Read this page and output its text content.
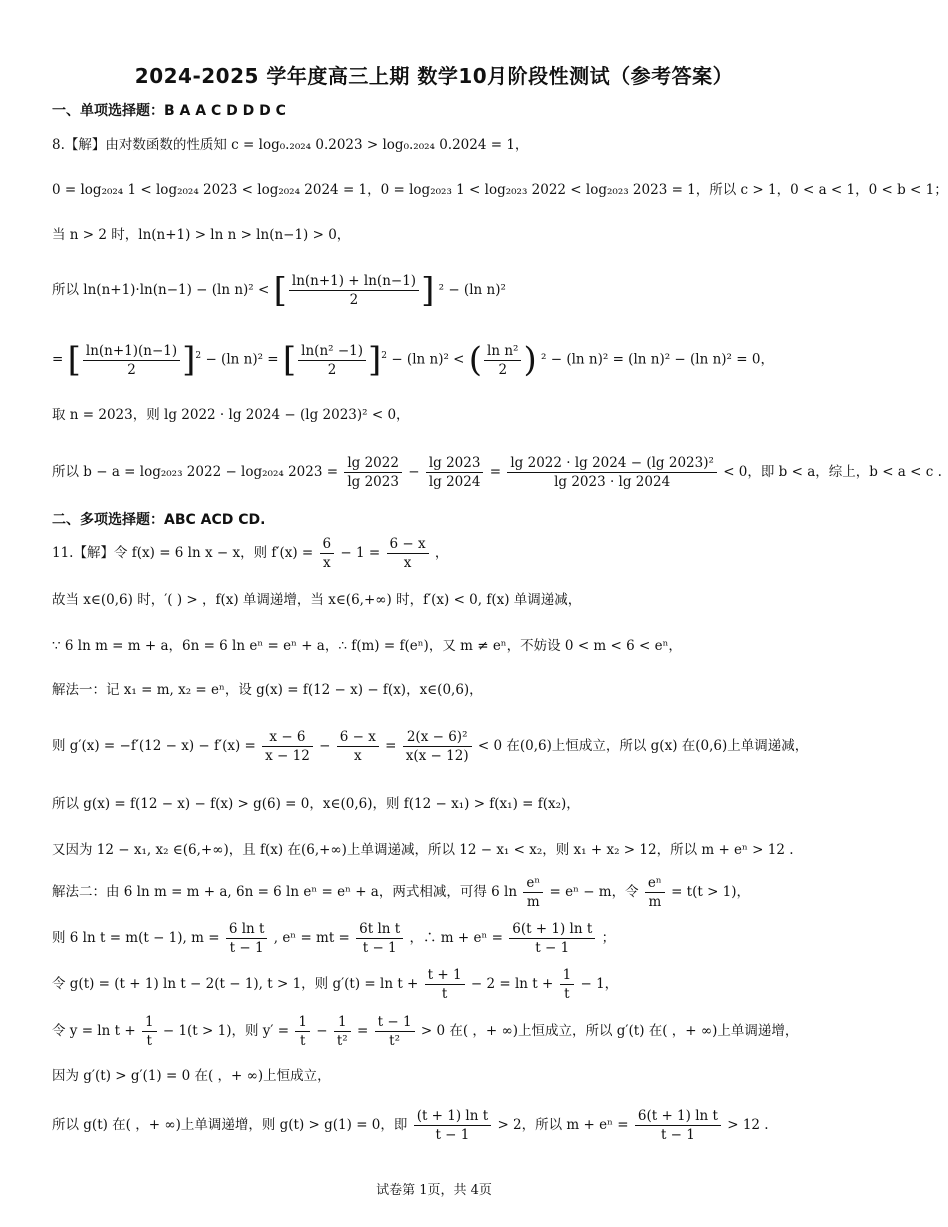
2024-2025 学年度高三上期 数学10月阶段性测试（参考答案）
一、单项选择题：B A A C D D D C
8.【解】由对数函数的性质知 c = log₀.₂₀₂₄ 0.2023 > log₀.₂₀₂₄ 0.2024 = 1，
0 = log₂₀₂₄ 1 < log₂₀₂₄ 2023 < log₂₀₂₄ 2024 = 1，0 = log₂₀₂₃ 1 < log₂₀₂₃ 2022 < log₂₀₂₃ 2023 = 1，所以 c > 1，0 < a < 1，0 < b < 1；
当 n > 2 时，ln(n+1) > ln n > ln(n−1) > 0，
所以 ln(n+1)·ln(n−1) − (ln n)² < [ $\frac{\ln(n+1) + \ln(n-1)}{2}$ ] ² − (ln n)²
= [ $\frac{\ln(n+1)(n-1)}{2} ]^2 - (\ln$ n)² = [ $\frac{\text{ln(n² −1)}}{2} ]^2 - (\ln$ n)² < ( $\frac{\text{ln n²}}{2}$ ) ² − (ln n)² = (ln n)² − (ln n)² = 0，
取 n = 2023，则 lg 2022 · lg 2024 − (lg 2023)² < 0，
所以 b − a = log₂₀₂₃ 2022 − log₂₀₂₄ $2023 = \frac{\lg 2022}{\lg 2023} - \frac{\lg 2023}{\lg 2024} = \frac{\text{lg 2022 · lg 2024 − (lg 2023)²}}{\lg 2023 \cdot \lg 2024} < 0$，即 b < a，综上，b < a < c .
二、多项选择题：ABC ACD CD.
11.【解】令 f(x) = 6 ln x − x，则 $f'(x) = \frac{6}{x} - 1 = \frac{6 - x}{x}$ ，
故当 x∈(0,6) 时，′( ) > ，f(x) 单调递增，当 x∈(6,+∞) 时，f′(x) < 0, f(x) 单调递减，
∵ 6 ln m = m + a，6n = 6 ln eⁿ = eⁿ + a，∴ f(m) = f(eⁿ)，又 m ≠ eⁿ，不妨设 0 < m < 6 < eⁿ，
解法一：记 x₁ = m, x₂ = eⁿ，设 g(x) = f(12 − x) − f(x)，x∈(0,6)，
则 $g'(x) = -f'(12 - x) - f'(x) = \frac{x - 6}{x - 12} - \frac{6 - x}{x} = \frac{\text{2(x − 6)²}}{x(x - 12)} < 0$ 在(0,6)上恒成立，所以 g(x) 在(0,6)上单调递减，
所以 g(x) = f(12 − x) − f(x) > g(6) = 0，x∈(0,6)，则 f(12 − x₁) > f(x₁) = f(x₂)，
又因为 12 − x₁, x₂ ∈(6,+∞)，且 f(x) 在(6,+∞)上单调递减，所以 12 − x₁ < x₂，则 x₁ + x₂ > 12，所以 m + eⁿ > 12 .
解法二：由 6 ln m = m + a, 6n = 6 ln eⁿ = eⁿ + a，两式相减，可得 6 $\ln \frac{\text{eⁿ}}{m} = e^n - m$，令 $\frac{\text{eⁿ}}{m} = t(t > 1)$，
则 6 ln t = m(t − 1), $m = \frac{\text{6 ln t}}{t - 1}$ , eⁿ = mt = $\frac{\text{6t ln t}}{t - 1}$ ，∴ $m + e^n = \frac{\text{6(t + 1) ln t}}{t - 1}$ ；
令 g(t) = (t + 1) ln t − 2(t − 1), t > 1，则 $g'(t) = \ln t + \frac{t + 1}{t} - 2 = \ln t + \frac{1}{t} - 1$，
令 $y = \ln t + \frac{1}{t} - 1(t > 1)$，则 $y' = \frac{1}{t} - \frac{1}{\text{t²}} = \frac{t - 1}{\text{t²}} > 0$ 在( ，+ ∞)上恒成立，所以 g′(t) 在( ，+ ∞)上单调递增，
因为 g′(t) > g′(1) = 0 在( ，+ ∞)上恒成立，
所以 g(t) 在( ，+ ∞)上单调递增，则 g(t) > g(1) = 0，即 $\frac{\text{(t + 1) ln t}}{t - 1} > 2$，所以 $m + e^n = \frac{\text{6(t + 1) ln t}}{t - 1} > 12$ .
试卷第 1页，共 4页
